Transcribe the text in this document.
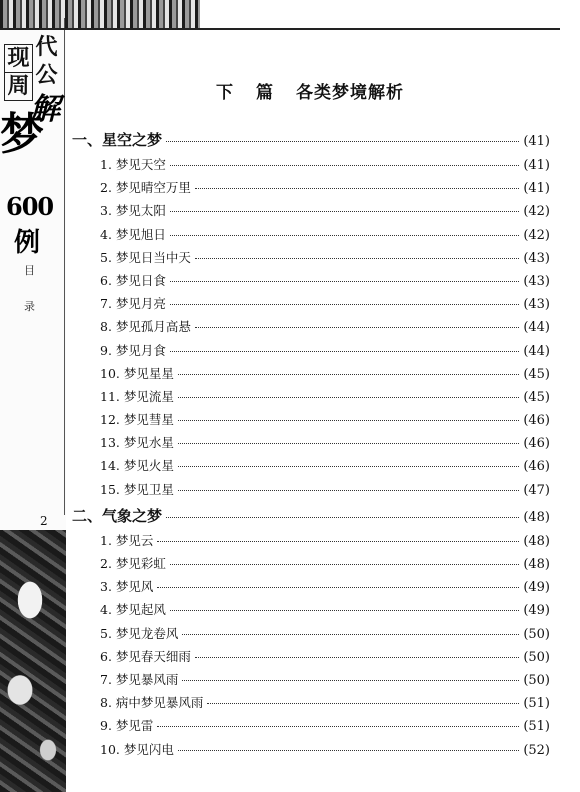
现 代
周 公
梦
解
600
例
目
录
2
下 篇 各类梦境解析
一、星空之梦	(41)
1. 梦见天空	(41)
2. 梦见晴空万里	(41)
3. 梦见太阳	(42)
4. 梦见旭日	(42)
5. 梦见日当中天	(43)
6. 梦见日食	(43)
7. 梦见月亮	(43)
8. 梦见孤月高悬	(44)
9. 梦见月食	(44)
10. 梦见星星	(45)
11. 梦见流星	(45)
12. 梦见彗星	(46)
13. 梦见水星	(46)
14. 梦见火星	(46)
15. 梦见卫星	(47)
二、气象之梦	(48)
1. 梦见云	(48)
2. 梦见彩虹	(48)
3. 梦见风	(49)
4. 梦见起风	(49)
5. 梦见龙卷风	(50)
6. 梦见春天细雨	(50)
7. 梦见暴风雨	(50)
8. 病中梦见暴风雨	(51)
9. 梦见雷	(51)
10. 梦见闪电	(52)
